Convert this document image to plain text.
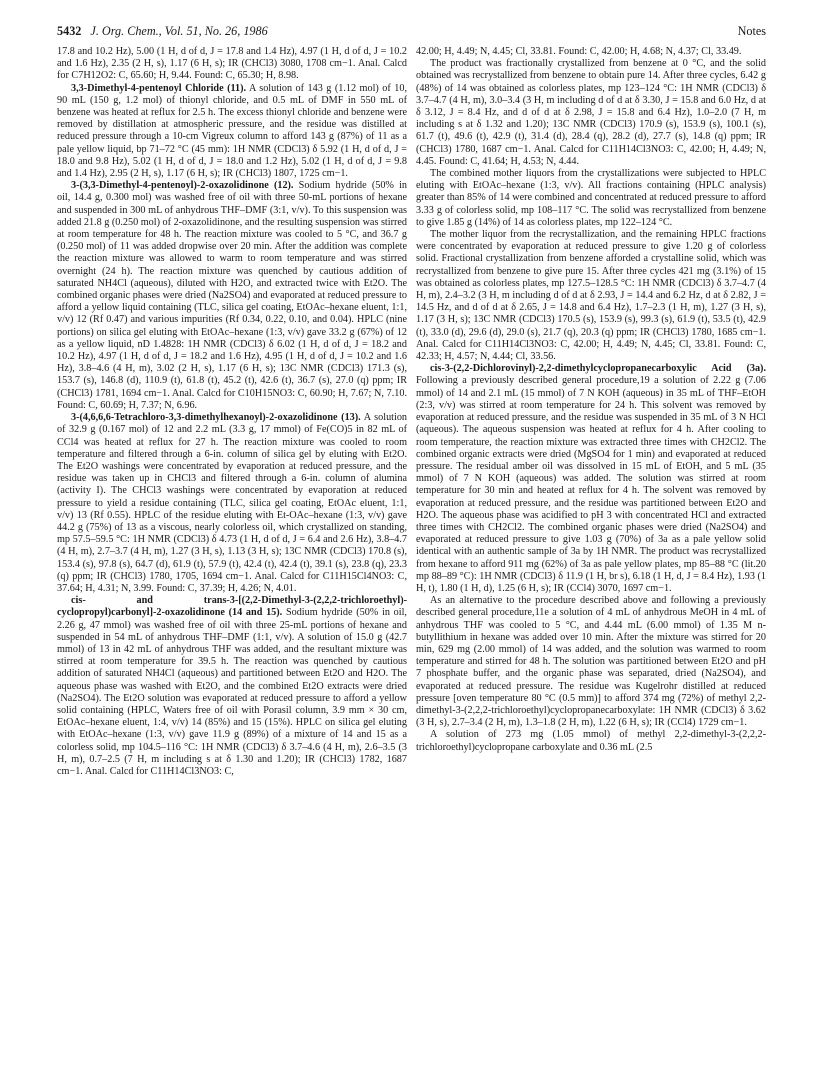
5432 J. Org. Chem., Vol. 51, No. 26, 1986	Notes

17.8 and 10.2 Hz), 5.00 (1 H, d of d, J = 17.8 and 1.4 Hz), 4.97 (1 H, d of d, J = 10.2 and 1.6 Hz), 2.35 (2 H, s), 1.17 (6 H, s); IR (CHCl3) 3080, 1708 cm−1. Anal. Calcd for C7H12O2: C, 65.60; H, 9.44. Found: C, 65.30; H, 8.98.

3,3-Dimethyl-4-pentenoyl Chloride (11). A solution of 143 g (1.12 mol) of 10, 90 mL (150 g, 1.2 mol) of thionyl chloride, and 0.5 mL of DMF in 550 mL of benzene was heated at reflux for 2.5 h. The excess thionyl chloride and benzene were removed by distillation at atmospheric pressure, and the residue was distilled at reduced pressure through a 10-cm Vigreux column to afford 143 g (87%) of 11 as a pale yellow liquid, bp 71–72 °C (45 mm): 1H NMR (CDCl3) δ 5.92 (1 H, d of d, J = 18.0 and 9.8 Hz), 5.02 (1 H, d of d, J = 18.0 and 1.2 Hz), 5.02 (1 H, d of d, J = 9.8 and 1.4 Hz), 2.95 (2 H, s), 1.17 (6 H, s); IR (CHCl3) 1807, 1725 cm−1.

3-(3,3-Dimethyl-4-pentenoyl)-2-oxazolidinone (12). Sodium hydride (50% in oil, 14.4 g, 0.300 mol) was washed free of oil with three 50-mL portions of hexane and suspended in 300 mL of anhydrous THF–DMF (3:1, v/v). To this suspension was added 21.8 g (0.250 mol) of 2-oxazolidinone, and the resulting suspension was stirred at room temperature for 48 h. The reaction mixture was cooled to 5 °C, and 36.7 g (0.250 mol) of 11 was added dropwise over 20 min. After the addition was complete the reaction mixture was allowed to warm to room temperature and was stirred overnight (24 h). The reaction mixture was quenched by cautious addition of saturated NH4Cl (aqueous), diluted with H2O, and extracted twice with Et2O. The combined organic phases were dried (Na2SO4) and evaporated at reduced pressure to afford a yellow liquid containing (TLC, silica gel coating, EtOAc–hexane eluent, 1:1, v/v) 12 (Rf 0.47) and various impurities (Rf 0.34, 0.22, 0.10, and 0.04). HPLC (nine portions) on silica gel eluting with EtOAc–hexane (1:3, v/v) gave 33.2 g (67%) of 12 as a yellow liquid, nD 1.4828: 1H NMR (CDCl3) δ 6.02 (1 H, d of d, J = 18.2 and 10.2 Hz), 4.97 (1 H, d of d, J = 18.2 and 1.6 Hz), 4.95 (1 H, d of d, J = 10.2 and 1.6 Hz), 3.8–4.6 (4 H, m), 3.02 (2 H, s), 1.17 (6 H, s); 13C NMR (CDCl3) 171.3 (s), 153.7 (s), 146.8 (d), 110.9 (t), 61.8 (t), 45.2 (t), 42.6 (t), 36.7 (s), 27.0 (q) ppm; IR (CHCl3) 1781, 1694 cm−1. Anal. Calcd for C10H15NO3: C, 60.90; H, 7.67; N, 7.10. Found: C, 60.69; H, 7.37; N, 6.96.

3-(4,6,6,6-Tetrachloro-3,3-dimethylhexanoyl)-2-oxazolidinone (13). A solution of 32.9 g (0.167 mol) of 12 and 2.2 mL (3.3 g, 17 mmol) of Fe(CO)5 in 82 mL of CCl4 was heated at reflux for 27 h. The reaction mixture was cooled to room temperature and filtered through a 6-in. column of silica gel by eluting with Et2O. The Et2O washings were concentrated by evaporation at reduced pressure, and the residue was taken up in CHCl3 and filtered through a 6-in. column of alumina (activity I). The CHCl3 washings were concentrated by evaporation at reduced pressure to yield a residue containing (TLC, silica gel coating, EtOAc eluent, 1:1, v/v) 13 (Rf 0.55). HPLC of the residue eluting with Et-OAc–hexane (1:3, v/v) gave 44.2 g (75%) of 13 as a viscous, nearly colorless oil, which crystallized on standing, mp 57.5–59.5 °C: 1H NMR (CDCl3) δ 4.73 (1 H, d of d, J = 6.4 and 2.6 Hz), 3.8–4.7 (4 H, m), 2.7–3.7 (4 H, m), 1.27 (3 H, s), 1.13 (3 H, s); 13C NMR (CDCl3) 170.8 (s), 153.4 (s), 97.8 (s), 64.7 (d), 61.9 (t), 57.9 (t), 42.4 (t), 42.4 (t), 39.1 (s), 23.8 (q), 23.3 (q) ppm; IR (CHCl3) 1780, 1705, 1694 cm−1. Anal. Calcd for C11H15Cl4NO3: C, 37.64; H, 4.31; N, 3.99. Found: C, 37.39; H, 4.26; N, 4.01.

cis- and trans-3-[(2,2-Dimethyl-3-(2,2,2-trichloroethyl)-cyclopropyl)carbonyl]-2-oxazolidinone (14 and 15). Sodium hydride (50% in oil, 2.26 g, 47 mmol) was washed free of oil with three 25-mL portions of hexane and suspended in 54 mL of anhydrous THF–DMF (1:1, v/v). A solution of 15.0 g (42.7 mmol) of 13 in 42 mL of anhydrous THF was added, and the resultant mixture was stirred at room temperature for 39.5 h. The reaction was quenched by cautious addition of saturated NH4Cl (aqueous) and partitioned between Et2O and H2O. The aqueous phase was washed with Et2O, and the combined Et2O extracts were dried (Na2SO4). The Et2O solution was evaporated at reduced pressure to afford a yellow solid containing (HPLC, Waters free of oil with Porasil column, 3.9 mm × 30 cm, EtOAc–hexane eluent, 1:4, v/v) 14 (85%) and 15 (15%). HPLC on silica gel eluting with EtOAc–hexane (1:3, v/v) gave 11.9 g (89%) of a mixture of 14 and 15 as a colorless solid, mp 104.5–116 °C: 1H NMR (CDCl3) δ 3.7–4.6 (4 H, m), 2.6–3.5 (3 H, m), 0.7–2.5 (7 H, m including s at δ 1.30 and 1.20); IR (CHCl3) 1782, 1687 cm−1. Anal. Calcd for C11H14Cl3NO3: C,

42.00; H, 4.49; N, 4.45; Cl, 33.81. Found: C, 42.00; H, 4.68; N, 4.37; Cl, 33.49.

The product was fractionally crystallized from benzene at 0 °C, and the solid obtained was recrystallized from benzene to obtain pure 14. After three cycles, 6.42 g (48%) of 14 was obtained as colorless plates, mp 123–124 °C: 1H NMR (CDCl3) δ 3.7–4.7 (4 H, m), 3.0–3.4 (3 H, m including d of d at δ 3.30, J = 15.8 and 6.0 Hz, d at δ 3.12, J = 8.4 Hz, and d of d at δ 2.98, J = 15.8 and 6.4 Hz), 1.0–2.0 (7 H, m including s at δ 1.32 and 1.20); 13C NMR (CDCl3) 170.9 (s), 153.9 (s), 100.1 (s), 61.7 (t), 49.6 (t), 42.9 (t), 31.4 (d), 28.4 (q), 28.2 (d), 27.7 (s), 14.8 (q) ppm; IR (CHCl3) 1780, 1687 cm−1. Anal. Calcd for C11H14Cl3NO3: C, 42.00; H, 4.49; N, 4.45. Found: C, 41.64; H, 4.53; N, 4.44.

The combined mother liquors from the crystallizations were subjected to HPLC eluting with EtOAc–hexane (1:3, v/v). All fractions containing (HPLC analysis) greater than 85% of 14 were combined and concentrated at reduced pressure to afford 3.33 g of colorless solid, mp 108–117 °C. The solid was recrystallized from benzene to give 1.85 g (14%) of 14 as colorless plates, mp 122–124 °C.

The mother liquor from the recrystallization, and the remaining HPLC fractions were concentrated by evaporation at reduced pressure to give 1.20 g of colorless solid. Fractional crystallization from benzene afforded a crystalline solid, which was recrystallized from benzene to give pure 15. After three cycles 421 mg (3.1%) of 15 was obtained as colorless plates, mp 127.5–128.5 °C: 1H NMR (CDCl3) δ 3.7–4.7 (4 H, m), 2.4–3.2 (3 H, m including d of d at δ 2.93, J = 14.4 and 6.2 Hz, d at δ 2.82, J = 14.5 Hz, and d of d at δ 2.65, J = 14.8 and 6.4 Hz), 1.7–2.3 (1 H, m), 1.27 (3 H, s), 1.17 (3 H, s); 13C NMR (CDCl3) 170.5 (s), 153.9 (s), 99.3 (s), 61.9 (t), 53.5 (t), 42.9 (t), 33.0 (d), 29.6 (d), 29.0 (s), 21.7 (q), 20.3 (q) ppm; IR (CHCl3) 1780, 1685 cm−1. Anal. Calcd for C11H14Cl3NO3: C, 42.00; H, 4.49; N, 4.45; Cl, 33.81. Found: C, 42.33; H, 4.57; N, 4.44; Cl, 33.56.

cis-3-(2,2-Dichlorovinyl)-2,2-dimethylcyclopropanecarboxylic Acid (3a). Following a previously described general procedure,19 a solution of 2.22 g (7.06 mmol) of 14 and 2.1 mL (15 mmol) of 7 N KOH (aqueous) in 35 mL of THF–EtOH (2:3, v/v) was stirred at room temperature for 24 h. This solvent was removed by evaporation at reduced pressure, and the residue was suspended in 35 mL of 3 N HCl (aqueous). The aqueous suspension was heated at reflux for 4 h. After cooling to room temperature, the reaction mixture was extracted three times with CH2Cl2. The combined organic extracts were dried (MgSO4 for 1 min) and evaporated at reduced pressure. The residual amber oil was dissolved in 15 mL of EtOH, and 5 mL (35 mmol) of 7 N KOH (aqueous) was added. The solution was stirred at room temperature for 30 min and heated at reflux for 4 h. The solvent was removed by evaporation at reduced pressure, and the residue was partitioned between Et2O and H2O. The aqueous phase was acidified to pH 3 with concentrated HCl and extracted three times with CH2Cl2. The combined organic phases were dried (Na2SO4) and evaporated at reduced pressure to give 1.03 g (70%) of 3a as a pale yellow solid identical with an authentic sample of 3a by 1H NMR. The product was recrystallized from hexane to afford 911 mg (62%) of 3a as pale yellow plates, mp 85–88 °C (lit.20 mp 88–89 °C): 1H NMR (CDCl3) δ 11.9 (1 H, br s), 6.18 (1 H, d, J = 8.4 Hz), 1.93 (1 H, t), 1.80 (1 H, d), 1.25 (6 H, s); IR (CCl4) 3070, 1697 cm−1.

As an alternative to the procedure described above and following a previously described general procedure,11e a solution of 4 mL of anhydrous MeOH in 4 mL of anhydrous THF was cooled to 5 °C, and 4.44 mL (6.00 mmol) of 1.35 M n-butyllithium in hexane was added over 10 min. After the mixture was stirred for 20 min, 629 mg (2.00 mmol) of 14 was added, and the solution was warmed to room temperature and stirred for 48 h. The solution was partitioned between Et2O and pH 7 phosphate buffer, and the organic phase was separated, dried (Na2SO4), and evaporated at reduced pressure. The residue was Kugelrohr distilled at reduced pressure [oven temperature 80 °C (0.5 mm)] to afford 374 mg (72%) of methyl 2,2-dimethyl-3-(2,2,2-trichloroethyl)cyclopropanecarboxylate: 1H NMR (CDCl3) δ 3.62 (3 H, s), 2.7–3.4 (2 H, m), 1.3–1.8 (2 H, m), 1.22 (6 H, s); IR (CCl4) 1729 cm−1.

A solution of 273 mg (1.05 mmol) of methyl 2,2-dimethyl-3-(2,2,2-trichloroethyl)cyclopropane carboxylate and 0.36 mL (2.5
